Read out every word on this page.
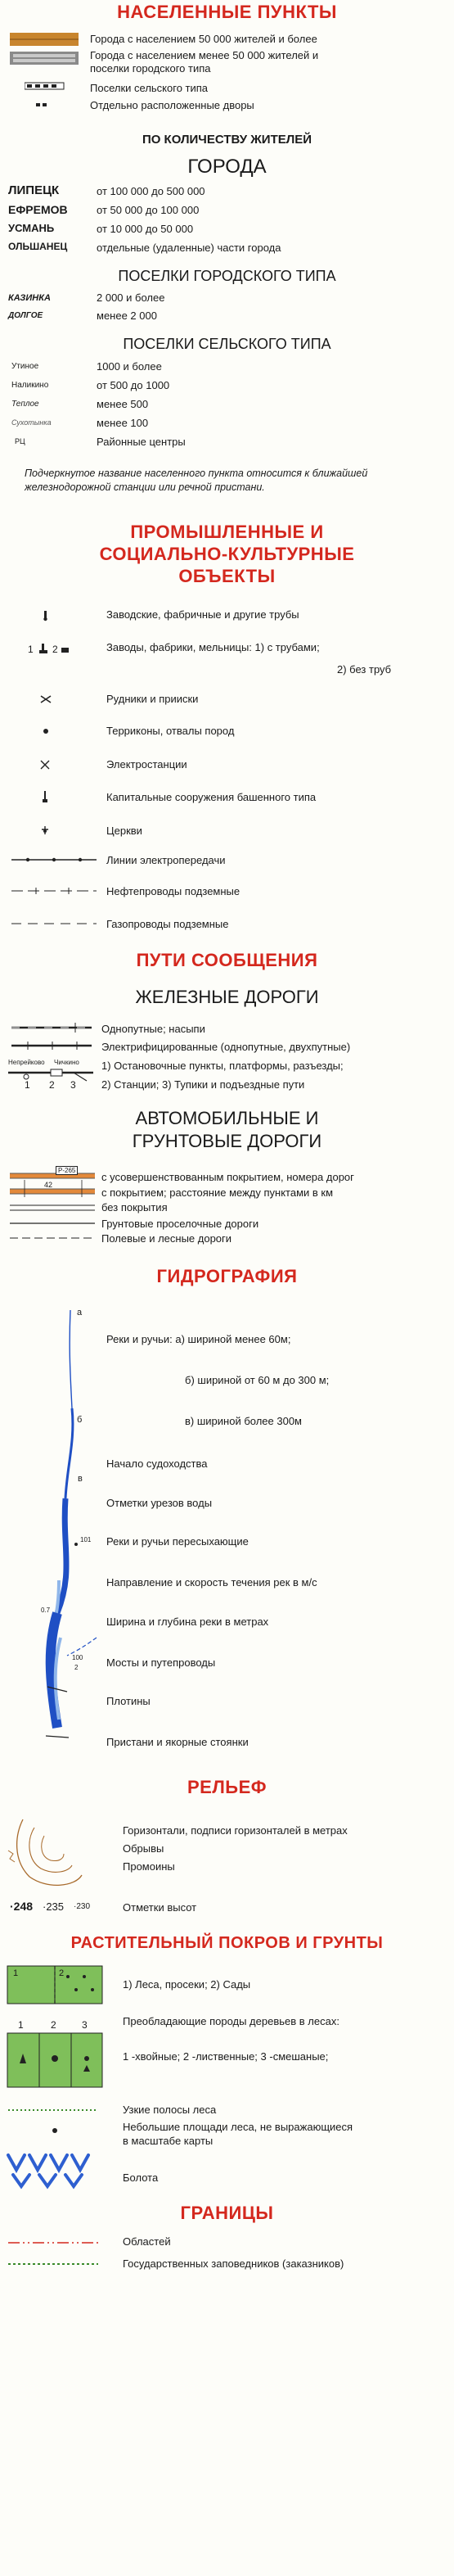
НАСЕЛЕННЫЕ ПУНКТЫ
Города с населением 50 000 жителей и более
Города с населением менее 50 000 жителей и
поселки городского типа
Поселки сельского типа
Отдельно расположенные дворы
ПО КОЛИЧЕСТВУ ЖИТЕЛЕЙ
ГОРОДА
ЛИПЕЦК	от 100 000 до 500 000
ЕФРЕМОВ	от 50 000 до 100 000
УСМАНЬ	от 10 000 до 50 000
ОЛЬШАНЕЦ	отдельные (удаленные) части города
ПОСЕЛКИ ГОРОДСКОГО ТИПА
КАЗИНКА	2 000 и более
ДОЛГОЕ	менее 2 000
ПОСЕЛКИ СЕЛЬСКОГО ТИПА
Утиное	1000 и более
Наликино	от 500 до 1000
Теплое	менее 500
Сухотынка	менее 100
РЦ	Районные центры
Подчеркнутое название населенного пункта относится к ближайшей железнодорожной станции или речной пристани.
ПРОМЫШЛЕННЫЕ И
СОЦИАЛЬНО-КУЛЬТУРНЫЕ
ОБЪЕКТЫ
Заводские, фабричные и другие трубы
1 2	Заводы, фабрики, мельницы: 1) с трубами;
2) без труб
Рудники и прииски
Терриконы, отвалы пород
Электростанции
Капитальные сооружения башенного типа
Церкви
Линии электропередачи
Нефтепроводы подземные
Газопроводы подземные
ПУТИ СООБЩЕНИЯ
ЖЕЛЕЗНЫЕ ДОРОГИ
Однопутные; насыпи
Электрифицированные (однопутные, двухпутные)
Непрейково Чичкино
1 2 3
1) Остановочные пункты, платформы, разъезды;
2) Станции; 3) Тупики и подъездные пути
АВТОМОБИЛЬНЫЕ И
ГРУНТОВЫЕ ДОРОГИ
Р-265
42
с усовершенствованным покрытием, номера дорог
с покрытием; расстояние между пунктами в км
без покрытия
Грунтовые проселочные дороги
Полевые и лесные дороги
ГИДРОГРАФИЯ
а
б
в
101
0.7
100
2
Реки и ручьи: а) шириной менее 60м;
б) шириной от 60 м до 300 м;
в) шириной более 300м
Начало судоходства
Отметки урезов воды
Реки и ручьи пересыхающие
Направление и скорость течения рек в м/с
Ширина и глубина реки в метрах
Мосты и путепроводы
Плотины
Пристани и якорные стоянки
РЕЛЬЕФ
Горизонтали, подписи горизонталей в метрах
Обрывы
Промоины
·248 ·235 ·230	Отметки высот
РАСТИТЕЛЬНЫЙ ПОКРОВ И ГРУНТЫ
1	2
1) Леса, просеки; 2) Сады
1	2	3	Преобладающие породы деревьев в лесах:
1 -хвойные; 2 -лиственные; 3 -смешаные;
Узкие полосы леса
Небольшие площади леса, не выражающиеся
в масштабе карты
Болота
ГРАНИЦЫ
Областей
Государственных заповедников (заказников)
